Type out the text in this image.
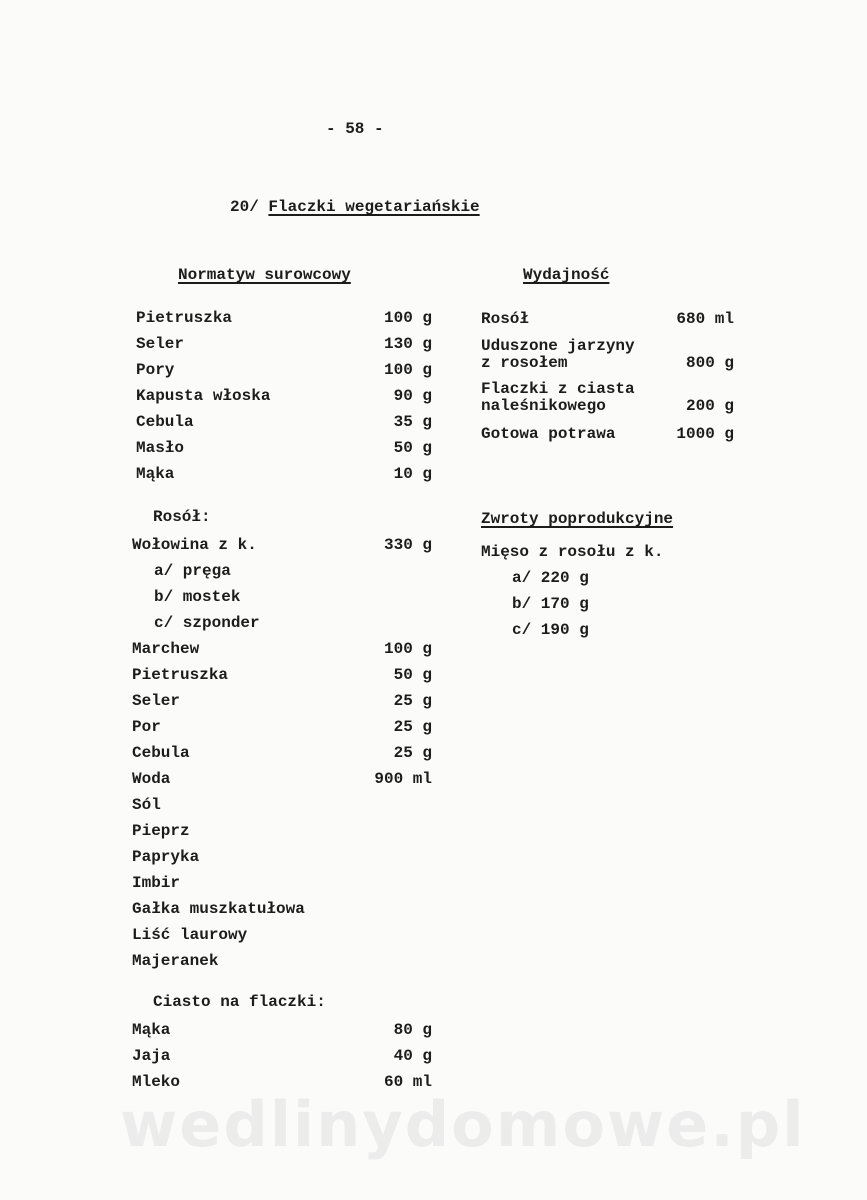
wedlinydomowe.pl
- 58 -
20/ Flaczki wegetariańskie
Normatyw surowcowy
Pietruszka	100 g
Seler	130 g
Pory	100 g
Kapusta włoska	90 g
Cebula	35 g
Masło	50 g
Mąka	10 g
Rosół:
Wołowina z k.	330 g
a/ pręga
b/ mostek
c/ szponder
Marchew	100 g
Pietruszka	50 g
Seler	25 g
Por	25 g
Cebula	25 g
Woda	900 ml
Sól
Pieprz
Papryka
Imbir
Gałka muszkatułowa
Liść laurowy
Majeranek
Ciasto na flaczki:
Mąka	80 g
Jaja	40 g
Mleko	60 ml
Wydajność
Rosół	680 ml
Uduszone jarzyny
z rosołem	800 g
Flaczki z ciasta
naleśnikowego	200 g
Gotowa potrawa	1000 g
Zwroty poprodukcyjne
Mięso z rosołu z k.
a/ 220 g
b/ 170 g
c/ 190 g
